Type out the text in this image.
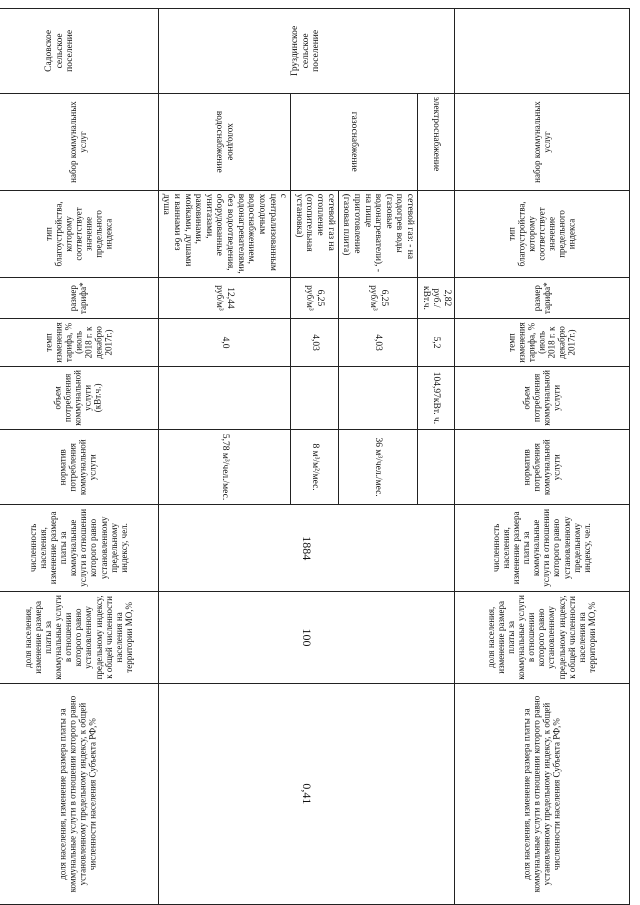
	набор коммунальных услуг	тип благоустройства, которому соответствует значение предельного индекса	размер тарифа*	темп изменения тарифа, % (июль 2018 г. к декабрю 2017г.)	объем потребления коммунальной услуги	норматив потребления коммунальной услуги	численность населения, изменение размера платы за коммунальные услуги в отношении которого равно установленному предельному индексу, чел.	доля населения, изменение размера платы за коммунальные услуги в отношении которого равно установленному предельному индексу, к общей численности населения на территории МО,%	доля населения, изменение размера платы за коммунальные услуги в отношении которого равно установленному предельному индексу, к общей численности населения Субъекта РФ,%

Груздинское сельское поселение	электроснабжение		2,82 руб./кВт.ч.	5,2	104,97кВт. ч.		1884	100	0,41
	газоснабжение	сетевой газ: - на подогрев воды (газовые водонагреватели), - на пище приготовление (газовая плита)	6,25 руб/м³	4,03		36 м³/чел./мес.			
		сетевой газ на отопление (отопительная установка)	6,25 руб/м³	4,03		8 м³/м²/мес.			
	холодное водоснабжение	с централизованным холодным водоснабжением, водонагревателями, без водоотведения, оборудованные унитазами, раковинами, мойками, душами и ваннами без душа	12,44 руб/м³	4,0		5,78 м³/чел./мес.			

Садовское сельское поселение	набор коммунальных услуг	тип благоустройства, которому соответствует значение предельного индекса	размер тарифа*	темп изменения тарифа, % (июль 2018 г. к декабрю 2017г.)	объем потребления коммунальной услуги (кВт.ч.)	норматив потребления коммунальной услуги	численность населения, изменение размера платы за коммунальные услуги в отношении которого равно установленному предельному индексу, чел.	доля населения, изменение размера платы за коммунальные услуги в отношении которого равно установленному предельному индексу, к общей численности населения на территории МО,%	доля населения, изменение размера платы за коммунальные услуги в отношении которого равно установленному предельному индексу, к общей численности населения Субъекта РФ,%
